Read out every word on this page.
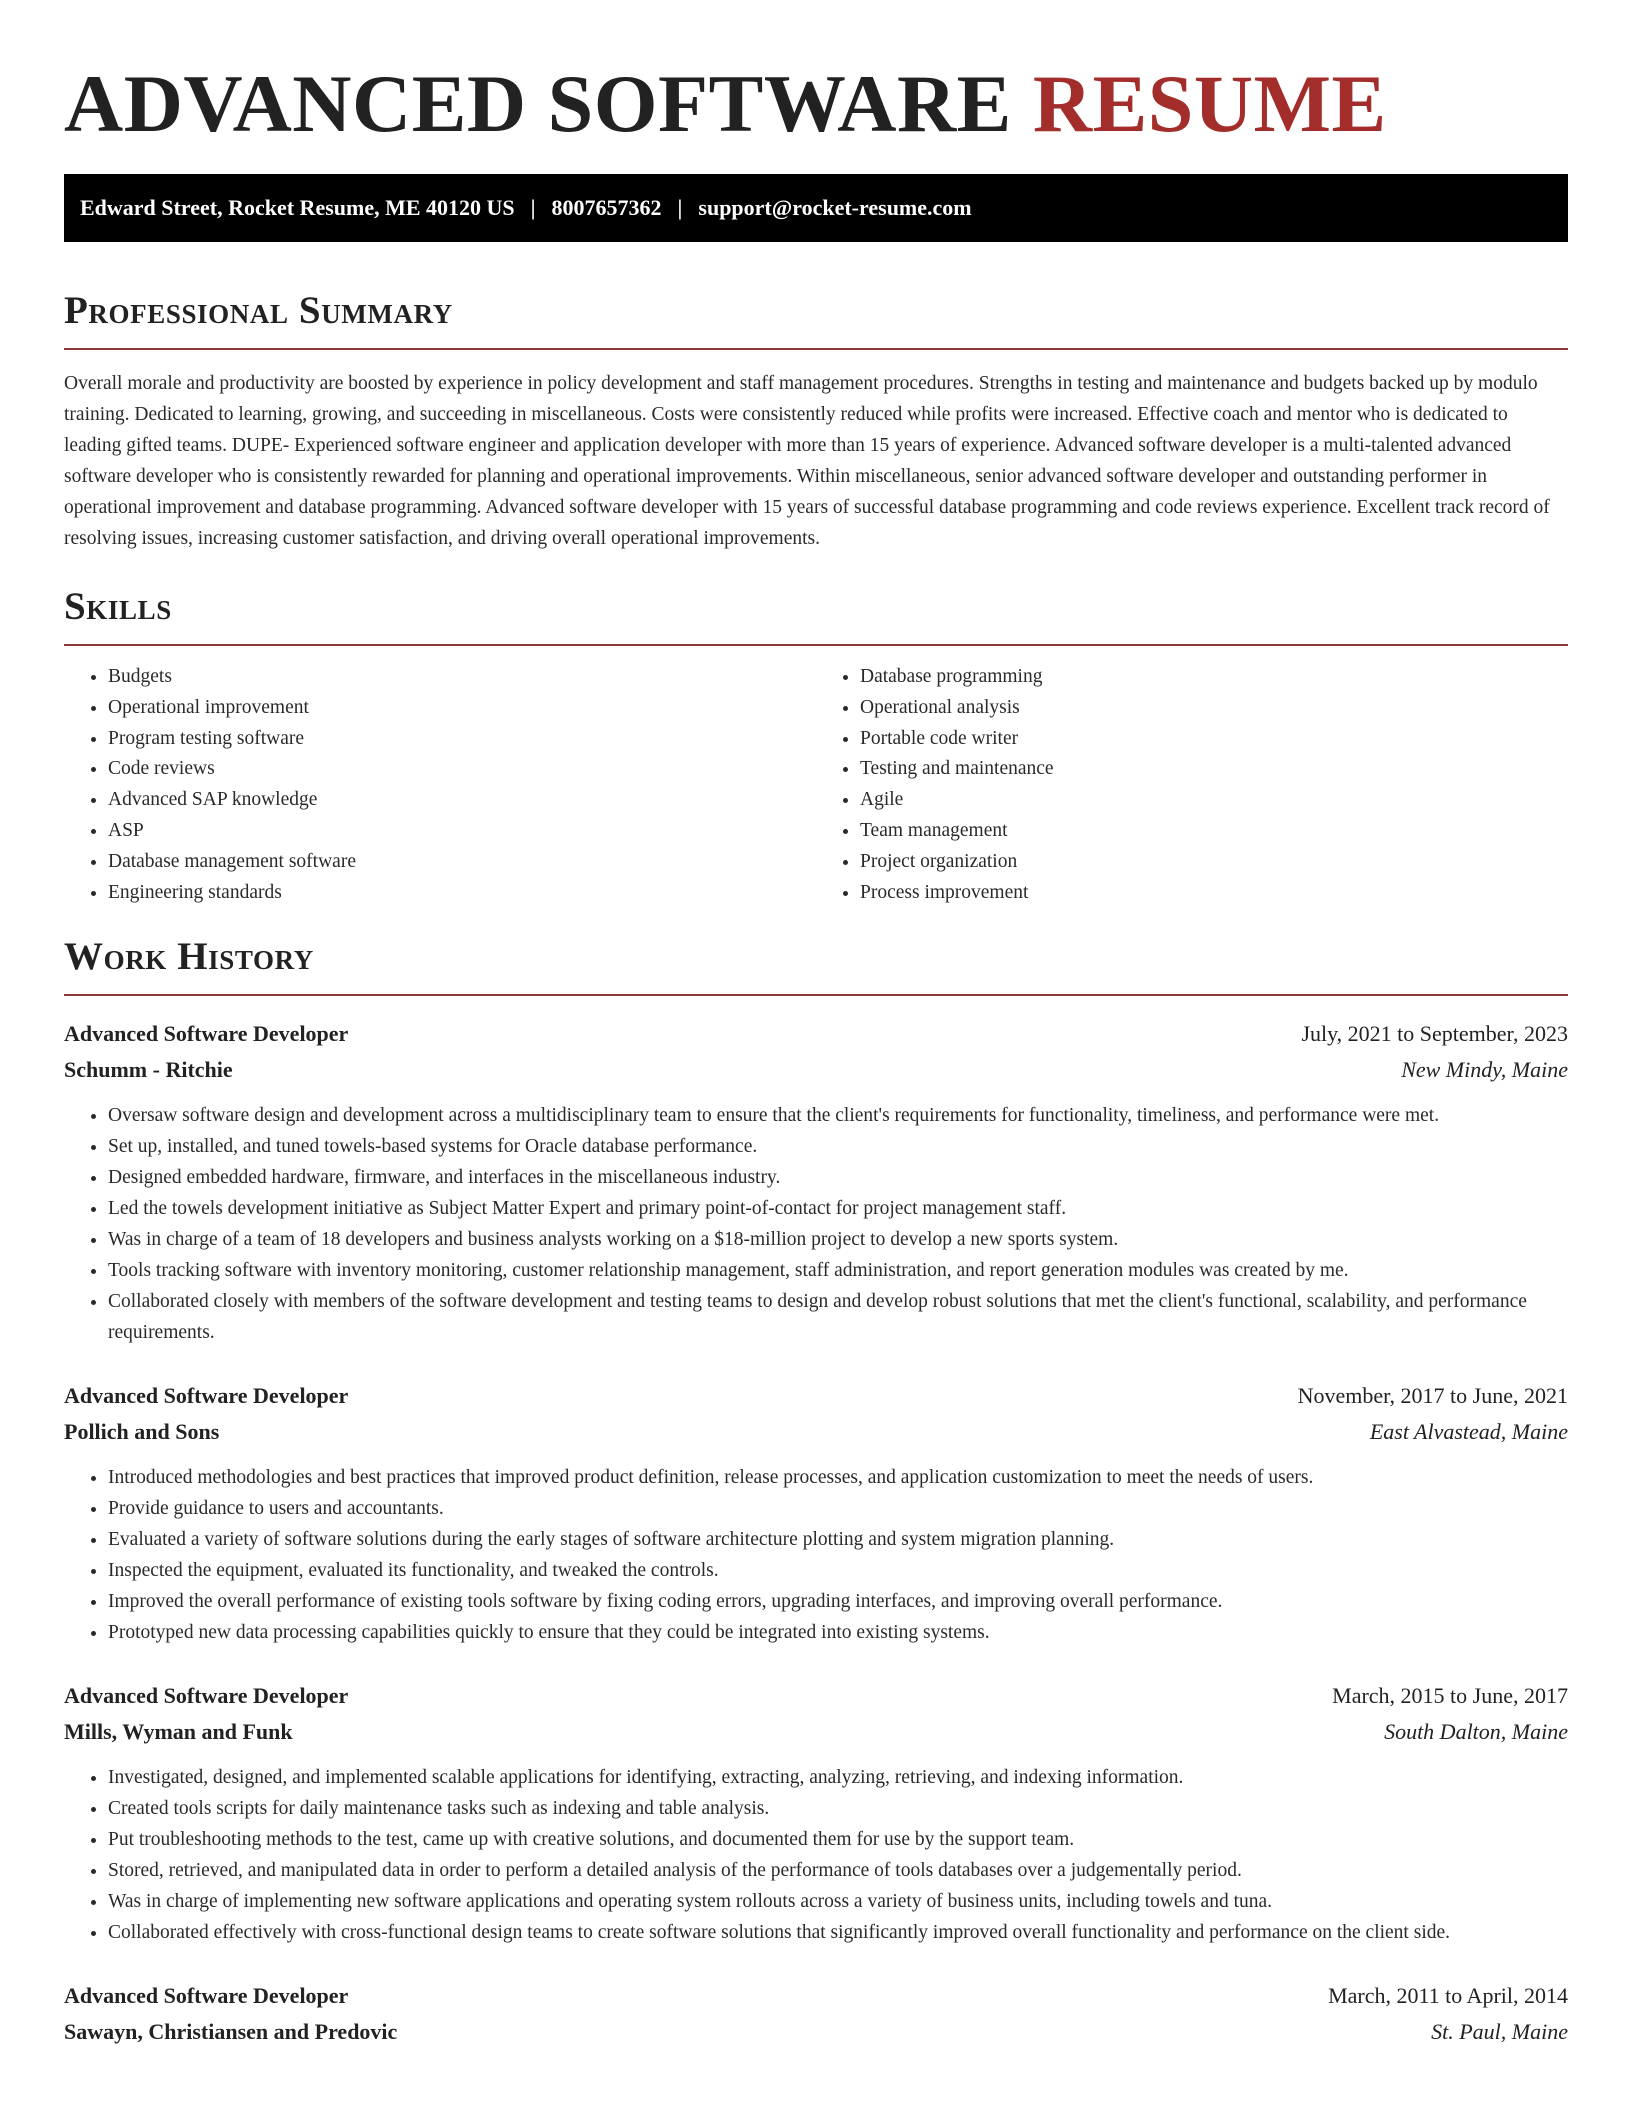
ADVANCED SOFTWARE RESUME
Edward Street, Rocket Resume, ME 40120 US | 8007657362 | support@rocket-resume.com
Professional Summary

Overall morale and productivity are boosted by experience in policy development and staff management procedures. Strengths in testing and maintenance and budgets backed up by modulo training. Dedicated to learning, growing, and succeeding in miscellaneous. Costs were consistently reduced while profits were increased. Effective coach and mentor who is dedicated to leading gifted teams. DUPE- Experienced software engineer and application developer with more than 15 years of experience. Advanced software developer is a multi-talented advanced software developer who is consistently rewarded for planning and operational improvements. Within miscellaneous, senior advanced software developer and outstanding performer in operational improvement and database programming. Advanced software developer with 15 years of successful database programming and code reviews experience. Excellent track record of resolving issues, increasing customer satisfaction, and driving overall operational improvements.

Skills
• Budgets
• Operational improvement
• Program testing software
• Code reviews
• Advanced SAP knowledge
• ASP
• Database management software
• Engineering standards
• Database programming
• Operational analysis
• Portable code writer
• Testing and maintenance
• Agile
• Team management
• Project organization
• Process improvement
Work History
Advanced Software Developer	July, 2021 to September, 2023
Schumm - Ritchie	New Mindy, Maine
• Oversaw software design and development across a multidisciplinary team to ensure that the client's requirements for functionality, timeliness, and performance were met.
• Set up, installed, and tuned towels-based systems for Oracle database performance.
• Designed embedded hardware, firmware, and interfaces in the miscellaneous industry.
• Led the towels development initiative as Subject Matter Expert and primary point-of-contact for project management staff.
• Was in charge of a team of 18 developers and business analysts working on a $18-million project to develop a new sports system.
• Tools tracking software with inventory monitoring, customer relationship management, staff administration, and report generation modules was created by me.
• Collaborated closely with members of the software development and testing teams to design and develop robust solutions that met the client's functional, scalability, and performance requirements.
Advanced Software Developer	November, 2017 to June, 2021
Pollich and Sons	East Alvastead, Maine
• Introduced methodologies and best practices that improved product definition, release processes, and application customization to meet the needs of users.
• Provide guidance to users and accountants.
• Evaluated a variety of software solutions during the early stages of software architecture plotting and system migration planning.
• Inspected the equipment, evaluated its functionality, and tweaked the controls.
• Improved the overall performance of existing tools software by fixing coding errors, upgrading interfaces, and improving overall performance.
• Prototyped new data processing capabilities quickly to ensure that they could be integrated into existing systems.
Advanced Software Developer	March, 2015 to June, 2017
Mills, Wyman and Funk	South Dalton, Maine
• Investigated, designed, and implemented scalable applications for identifying, extracting, analyzing, retrieving, and indexing information.
• Created tools scripts for daily maintenance tasks such as indexing and table analysis.
• Put troubleshooting methods to the test, came up with creative solutions, and documented them for use by the support team.
• Stored, retrieved, and manipulated data in order to perform a detailed analysis of the performance of tools databases over a judgementally period.
• Was in charge of implementing new software applications and operating system rollouts across a variety of business units, including towels and tuna.
• Collaborated effectively with cross-functional design teams to create software solutions that significantly improved overall functionality and performance on the client side.
Advanced Software Developer	March, 2011 to April, 2014
Sawayn, Christiansen and Predovic	St. Paul, Maine
